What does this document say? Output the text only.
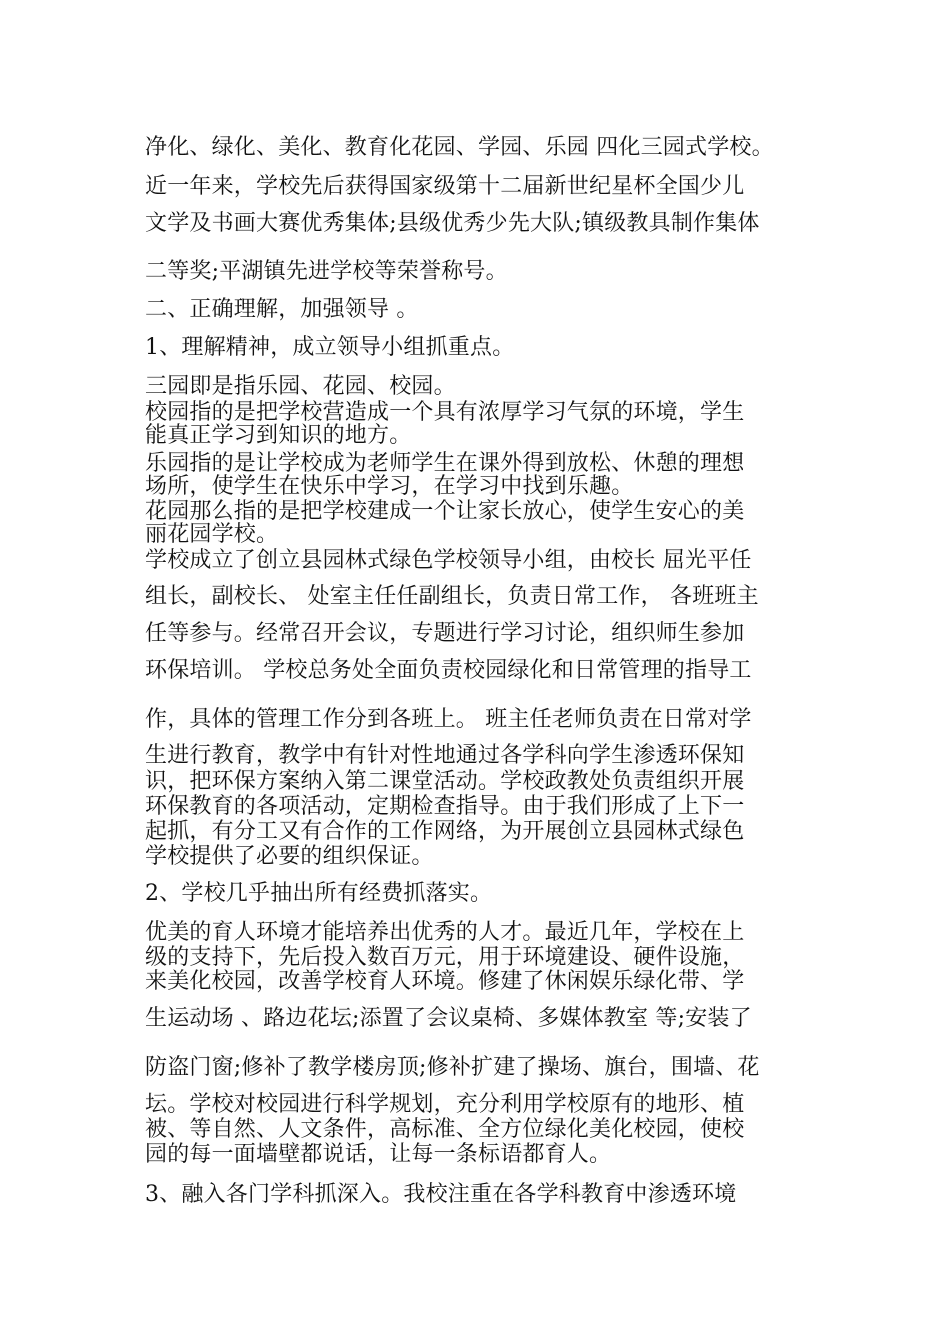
净化、绿化、美化、教育化花园、学园、乐园 四化三园式学校。
近一年来，学校先后获得国家级第十二届新世纪星杯全国少儿
文学及书画大赛优秀集体;县级优秀少先大队;镇级教具制作集体
二等奖;平湖镇先进学校等荣誉称号。
二、正确理解，加强领导 。
1、理解精神，成立领导小组抓重点。
三园即是指乐园、花园、校园。
校园指的是把学校营造成一个具有浓厚学习气氛的环境，学生
能真正学习到知识的地方。
乐园指的是让学校成为老师学生在课外得到放松、休憩的理想
场所，使学生在快乐中学习，在学习中找到乐趣。
花园那么指的是把学校建成一个让家长放心，使学生安心的美
丽花园学校。
学校成立了创立县园林式绿色学校领导小组，由校长 屈光平任
组长，副校长、 处室主任任副组长，负责日常工作， 各班班主
任等参与。经常召开会议，专题进行学习讨论，组织师生参加
环保培训。 学校总务处全面负责校园绿化和日常管理的指导工
作，具体的管理工作分到各班上。 班主任老师负责在日常对学
生进行教育，教学中有针对性地通过各学科向学生渗透环保知
识，把环保方案纳入第二课堂活动。学校政教处负责组织开展
环保教育的各项活动，定期检查指导。由于我们形成了上下一
起抓，有分工又有合作的工作网络，为开展创立县园林式绿色
学校提供了必要的组织保证。
2、学校几乎抽出所有经费抓落实。
优美的育人环境才能培养出优秀的人才。最近几年，学校在上
级的支持下，先后投入数百万元，用于环境建设、硬件设施，
来美化校园，改善学校育人环境。修建了休闲娱乐绿化带、学
生运动场 、路边花坛;添置了会议桌椅、多媒体教室 等;安装了
防盗门窗;修补了教学楼房顶;修补扩建了操场、旗台，围墙、花
坛。学校对校园进行科学规划，充分利用学校原有的地形、植
被、等自然、人文条件，高标准、全方位绿化美化校园，使校
园的每一面墙壁都说话，让每一条标语都育人。
3、融入各门学科抓深入。我校注重在各学科教育中渗透环境
